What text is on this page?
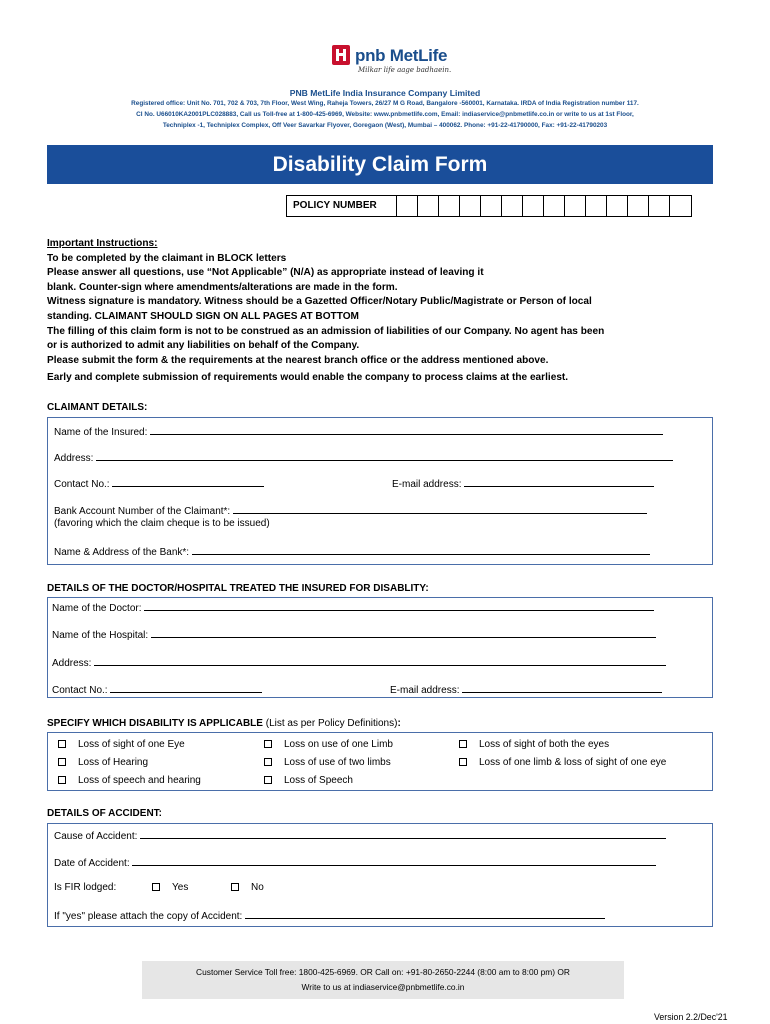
pnb MetLife
Milkar life aage badhaein.
PNB MetLife India Insurance Company Limited
Registered office: Unit No. 701, 702 & 703, 7th Floor, West Wing, Raheja Towers, 26/27 M G Road, Bangalore -560001, Karnataka. IRDA of India Registration number 117.
CI No. U66010KA2001PLC028883, Call us Toll-free at 1-800-425-6969, Website: www.pnbmetlife.com, Email: indiaservice@pnbmetlife.co.in or write to us at 1st Floor,
Techniplex -1, Techniplex Complex, Off Veer Savarkar Flyover, Goregaon (West), Mumbai – 400062. Phone: +91-22-41790000, Fax: +91-22-41790203
Disability Claim Form
POLICY NUMBER
Important Instructions:
To be completed by the claimant in BLOCK letters
Please answer all questions, use “Not Applicable” (N/A) as appropriate instead of leaving it
blank. Counter-sign where amendments/alterations are made in the form.
Witness signature is mandatory. Witness should be a Gazetted Officer/Notary Public/Magistrate or Person of local
standing. CLAIMANT SHOULD SIGN ON ALL PAGES AT BOTTOM
The filling of this claim form is not to be construed as an admission of liabilities of our Company. No agent has been
or is authorized to admit any liabilities on behalf of the Company.
Please submit the form & the requirements at the nearest branch office or the address mentioned above.
Early and complete submission of requirements would enable the company to process claims at the earliest.
CLAIMANT DETAILS:
Name of the Insured:
Address:
Contact No.:	E-mail address:
Bank Account Number of the Claimant*:
(favoring which the claim cheque is to be issued)
Name & Address of the Bank*:
DETAILS OF THE DOCTOR/HOSPITAL TREATED THE INSURED FOR DISABLITY:
Name of the Doctor:
Name of the Hospital:
Address:
Contact No.:	E-mail address:
SPECIFY WHICH DISABILITY IS APPLICABLE (List as per Policy Definitions):
Loss of sight of one Eye	Loss on use of one Limb	Loss of sight of both the eyes
Loss of Hearing	Loss of use of two limbs	Loss of one limb & loss of sight of one eye
Loss of speech and hearing	Loss of Speech
DETAILS OF ACCIDENT:
Cause of Accident:
Date of Accident:
Is FIR lodged:	Yes	No
If "yes" please attach the copy of Accident:
Customer Service Toll free: 1800-425-6969. OR Call on: +91-80-2650-2244 (8:00 am to 8:00 pm) OR
Write to us at indiaservice@pnbmetlife.co.in
Version 2.2/Dec'21
